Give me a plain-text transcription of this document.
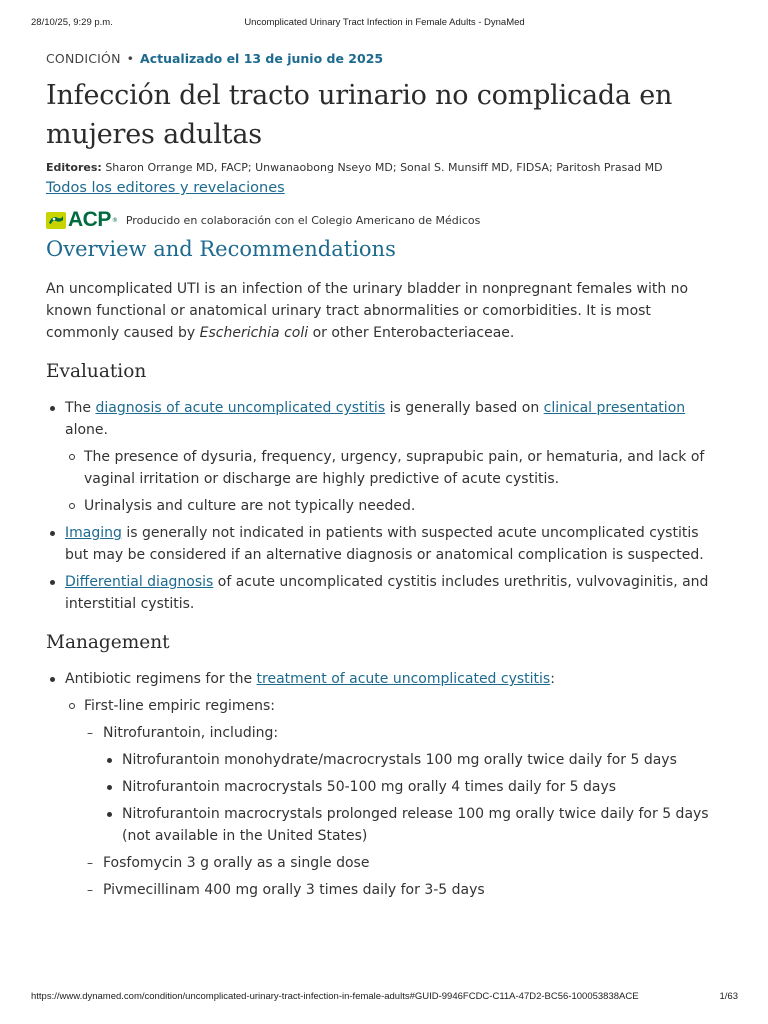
28/10/25, 9:29 p.m.	Uncomplicated Urinary Tract Infection in Female Adults - DynaMed
CONDICIÓN • Actualizado el 13 de junio de 2025
Infección del tracto urinario no complicada en mujeres adultas
Editores: Sharon Orrange MD, FACP; Unwanaobong Nseyo MD; Sonal S. Munsiff MD, FIDSA; Paritosh Prasad MD
Todos los editores y revelaciones
ACP ® Producido en colaboración con el Colegio Americano de Médicos
Overview and Recommendations

An uncomplicated UTI is an infection of the urinary bladder in nonpregnant females with no known functional or anatomical urinary tract abnormalities or comorbidities. It is most commonly caused by Escherichia coli or other Enterobacteriaceae.

Evaluation
The diagnosis of acute uncomplicated cystitis is generally based on clinical presentation alone.
The presence of dysuria, frequency, urgency, suprapubic pain, or hematuria, and lack of vaginal irritation or discharge are highly predictive of acute cystitis.
Urinalysis and culture are not typically needed.
Imaging is generally not indicated in patients with suspected acute uncomplicated cystitis but may be considered if an alternative diagnosis or anatomical complication is suspected.
Differential diagnosis of acute uncomplicated cystitis includes urethritis, vulvovaginitis, and interstitial cystitis.
Management
Antibiotic regimens for the treatment of acute uncomplicated cystitis:
First-line empiric regimens:
– Nitrofurantoin, including:
Nitrofurantoin monohydrate/macrocrystals 100 mg orally twice daily for 5 days
Nitrofurantoin macrocrystals 50-100 mg orally 4 times daily for 5 days
Nitrofurantoin macrocrystals prolonged release 100 mg orally twice daily for 5 days (not available in the United States)
– Fosfomycin 3 g orally as a single dose
– Pivmecillinam 400 mg orally 3 times daily for 3-5 days
https://www.dynamed.com/condition/uncomplicated-urinary-tract-infection-in-female-adults#GUID-9946FCDC-C11A-47D2-BC56-100053838ACE	1/63
